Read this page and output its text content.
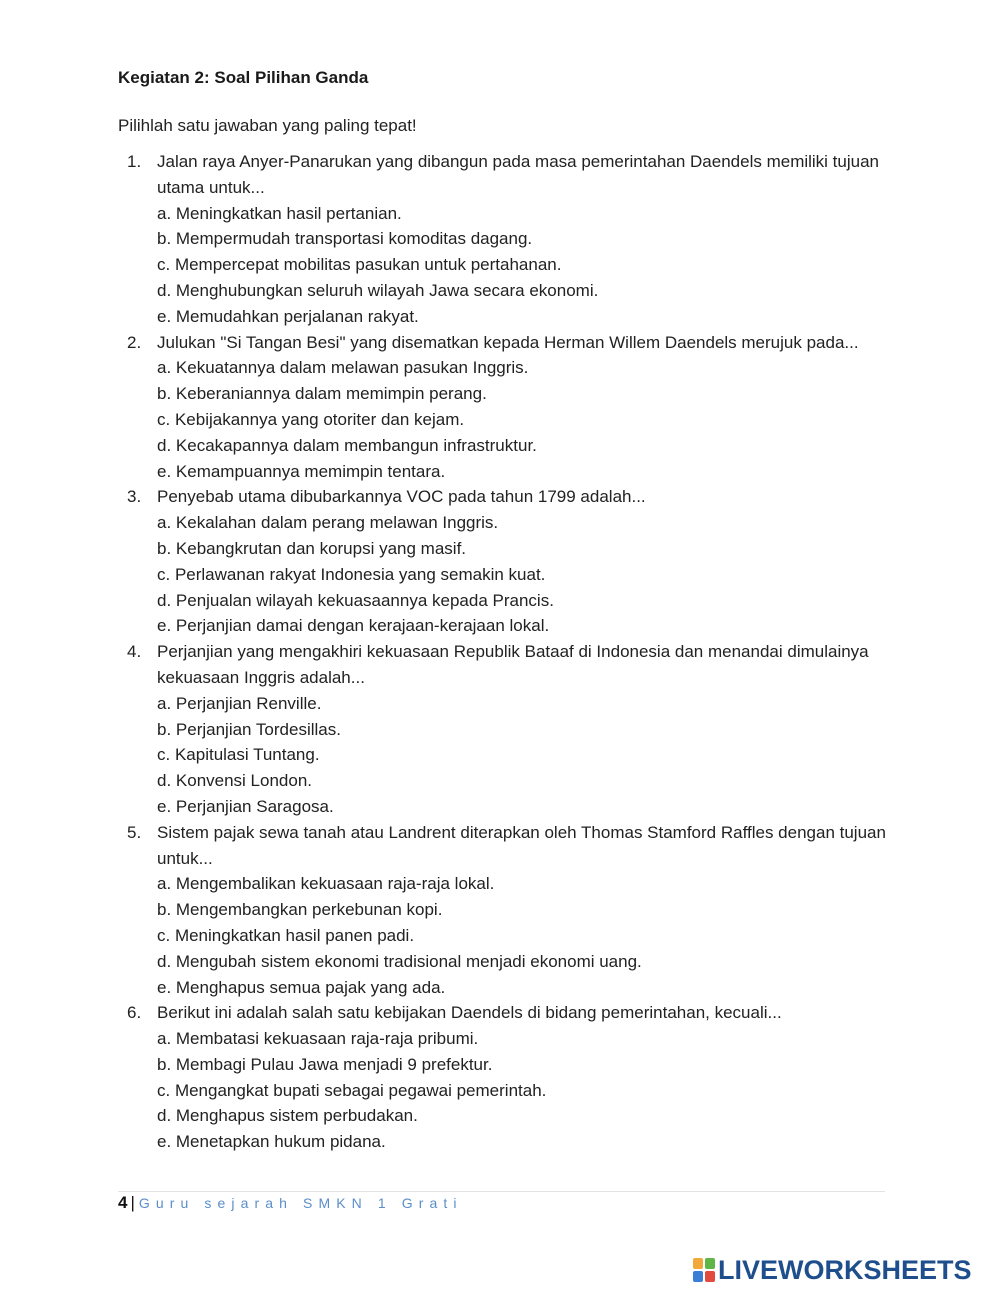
Kegiatan 2: Soal Pilihan Ganda
Pilihlah satu jawaban yang paling tepat!
1. Jalan raya Anyer-Panarukan yang dibangun pada masa pemerintahan Daendels memiliki tujuan utama untuk...
a. Meningkatkan hasil pertanian.
b. Mempermudah transportasi komoditas dagang.
c. Mempercepat mobilitas pasukan untuk pertahanan.
d. Menghubungkan seluruh wilayah Jawa secara ekonomi.
e. Memudahkan perjalanan rakyat.
2. Julukan "Si Tangan Besi" yang disematkan kepada Herman Willem Daendels merujuk pada...
a. Kekuatannya dalam melawan pasukan Inggris.
b. Keberaniannya dalam memimpin perang.
c. Kebijakannya yang otoriter dan kejam.
d. Kecakapannya dalam membangun infrastruktur.
e. Kemampuannya memimpin tentara.
3. Penyebab utama dibubarkannya VOC pada tahun 1799 adalah...
a. Kekalahan dalam perang melawan Inggris.
b. Kebangkrutan dan korupsi yang masif.
c. Perlawanan rakyat Indonesia yang semakin kuat.
d. Penjualan wilayah kekuasaannya kepada Prancis.
e. Perjanjian damai dengan kerajaan-kerajaan lokal.
4. Perjanjian yang mengakhiri kekuasaan Republik Bataaf di Indonesia dan menandai dimulainya kekuasaan Inggris adalah...
a. Perjanjian Renville.
b. Perjanjian Tordesillas.
c. Kapitulasi Tuntang.
d. Konvensi London.
e. Perjanjian Saragosa.
5. Sistem pajak sewa tanah atau Landrent diterapkan oleh Thomas Stamford Raffles dengan tujuan untuk...
a. Mengembalikan kekuasaan raja-raja lokal.
b. Mengembangkan perkebunan kopi.
c. Meningkatkan hasil panen padi.
d. Mengubah sistem ekonomi tradisional menjadi ekonomi uang.
e. Menghapus semua pajak yang ada.
6. Berikut ini adalah salah satu kebijakan Daendels di bidang pemerintahan, kecuali...
a. Membatasi kekuasaan raja-raja pribumi.
b. Membagi Pulau Jawa menjadi 9 prefektur.
c. Mengangkat bupati sebagai pegawai pemerintah.
d. Menghapus sistem perbudakan.
e. Menetapkan hukum pidana.
4 | Guru sejarah SMKN 1 Grati
LIVEWORKSHEETS
